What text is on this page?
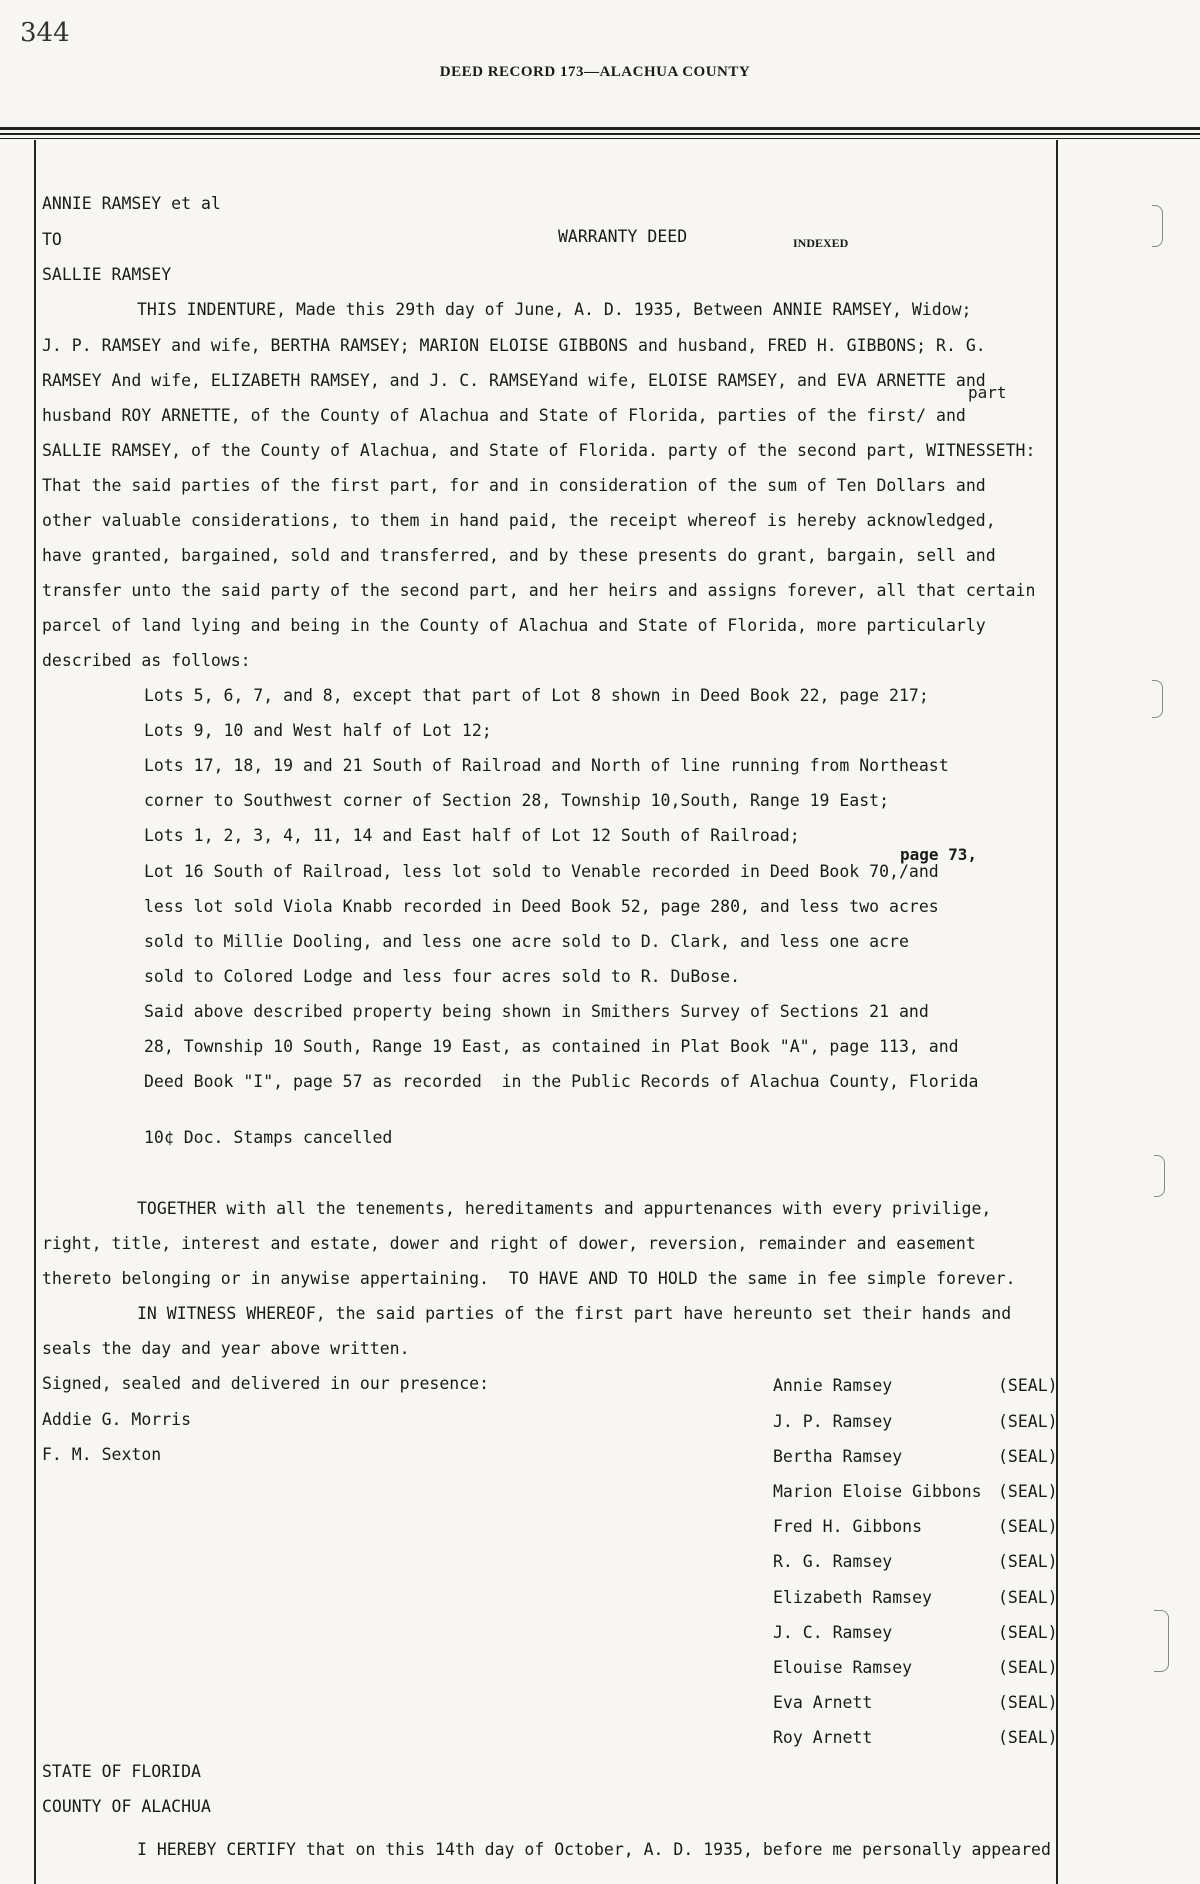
344
DEED RECORD 173—ALACHUA COUNTY
ANNIE RAMSEY et al
TO	WARRANTY DEED	INDEXED
SALLIE RAMSEY
THIS INDENTURE, Made this 29th day of June, A. D. 1935, Between ANNIE RAMSEY, Widow;
J. P. RAMSEY and wife, BERTHA RAMSEY; MARION ELOISE GIBBONS and husband, FRED H. GIBBONS; R. G.
RAMSEY And wife, ELIZABETH RAMSEY, and J. C. RAMSEYand wife, ELOISE RAMSEY, and EVA ARNETTE and
part
husband ROY ARNETTE, of the County of Alachua and State of Florida, parties of the first/ and
SALLIE RAMSEY, of the County of Alachua, and State of Florida. party of the second part, WITNESSETH:
That the said parties of the first part, for and in consideration of the sum of Ten Dollars and
other valuable considerations, to them in hand paid, the receipt whereof is hereby acknowledged,
have granted, bargained, sold and transferred, and by these presents do grant, bargain, sell and
transfer unto the said party of the second part, and her heirs and assigns forever, all that certain
parcel of land lying and being in the County of Alachua and State of Florida, more particularly
described as follows:
Lots 5, 6, 7, and 8, except that part of Lot 8 shown in Deed Book 22, page 217;
Lots 9, 10 and West half of Lot 12;
Lots 17, 18, 19 and 21 South of Railroad and North of line running from Northeast
corner to Southwest corner of Section 28, Township 10,South, Range 19 East;
Lots 1, 2, 3, 4, 11, 14 and East half of Lot 12 South of Railroad;
page 73,
Lot 16 South of Railroad, less lot sold to Venable recorded in Deed Book 70,/and
less lot sold Viola Knabb recorded in Deed Book 52, page 280, and less two acres
sold to Millie Dooling, and less one acre sold to D. Clark, and less one acre
sold to Colored Lodge and less four acres sold to R. DuBose.
Said above described property being shown in Smithers Survey of Sections 21 and
28, Township 10 South, Range 19 East, as contained in Plat Book "A", page 113, and
Deed Book "I", page 57 as recorded  in the Public Records of Alachua County, Florida
10¢ Doc. Stamps cancelled
TOGETHER with all the tenements, hereditaments and appurtenances with every privilige,
right, title, interest and estate, dower and right of dower, reversion, remainder and easement
thereto belonging or in anywise appertaining.  TO HAVE AND TO HOLD the same in fee simple forever.
IN WITNESS WHEREOF, the said parties of the first part have hereunto set their hands and
seals the day and year above written.
Signed, sealed and delivered in our presence:
Addie G. Morris
F. M. Sexton
Annie Ramsey	(SEAL)
J. P. Ramsey	(SEAL)
Bertha Ramsey	(SEAL)
Marion Eloise Gibbons (SEAL)
Fred H. Gibbons	(SEAL)
R. G. Ramsey	(SEAL)
Elizabeth Ramsey	(SEAL)
J. C. Ramsey	(SEAL)
Elouise Ramsey	(SEAL)
Eva Arnett	(SEAL)
Roy Arnett	(SEAL)
STATE OF FLORIDA
COUNTY OF ALACHUA
I HEREBY CERTIFY that on this 14th day of October, A. D. 1935, before me personally appeared
